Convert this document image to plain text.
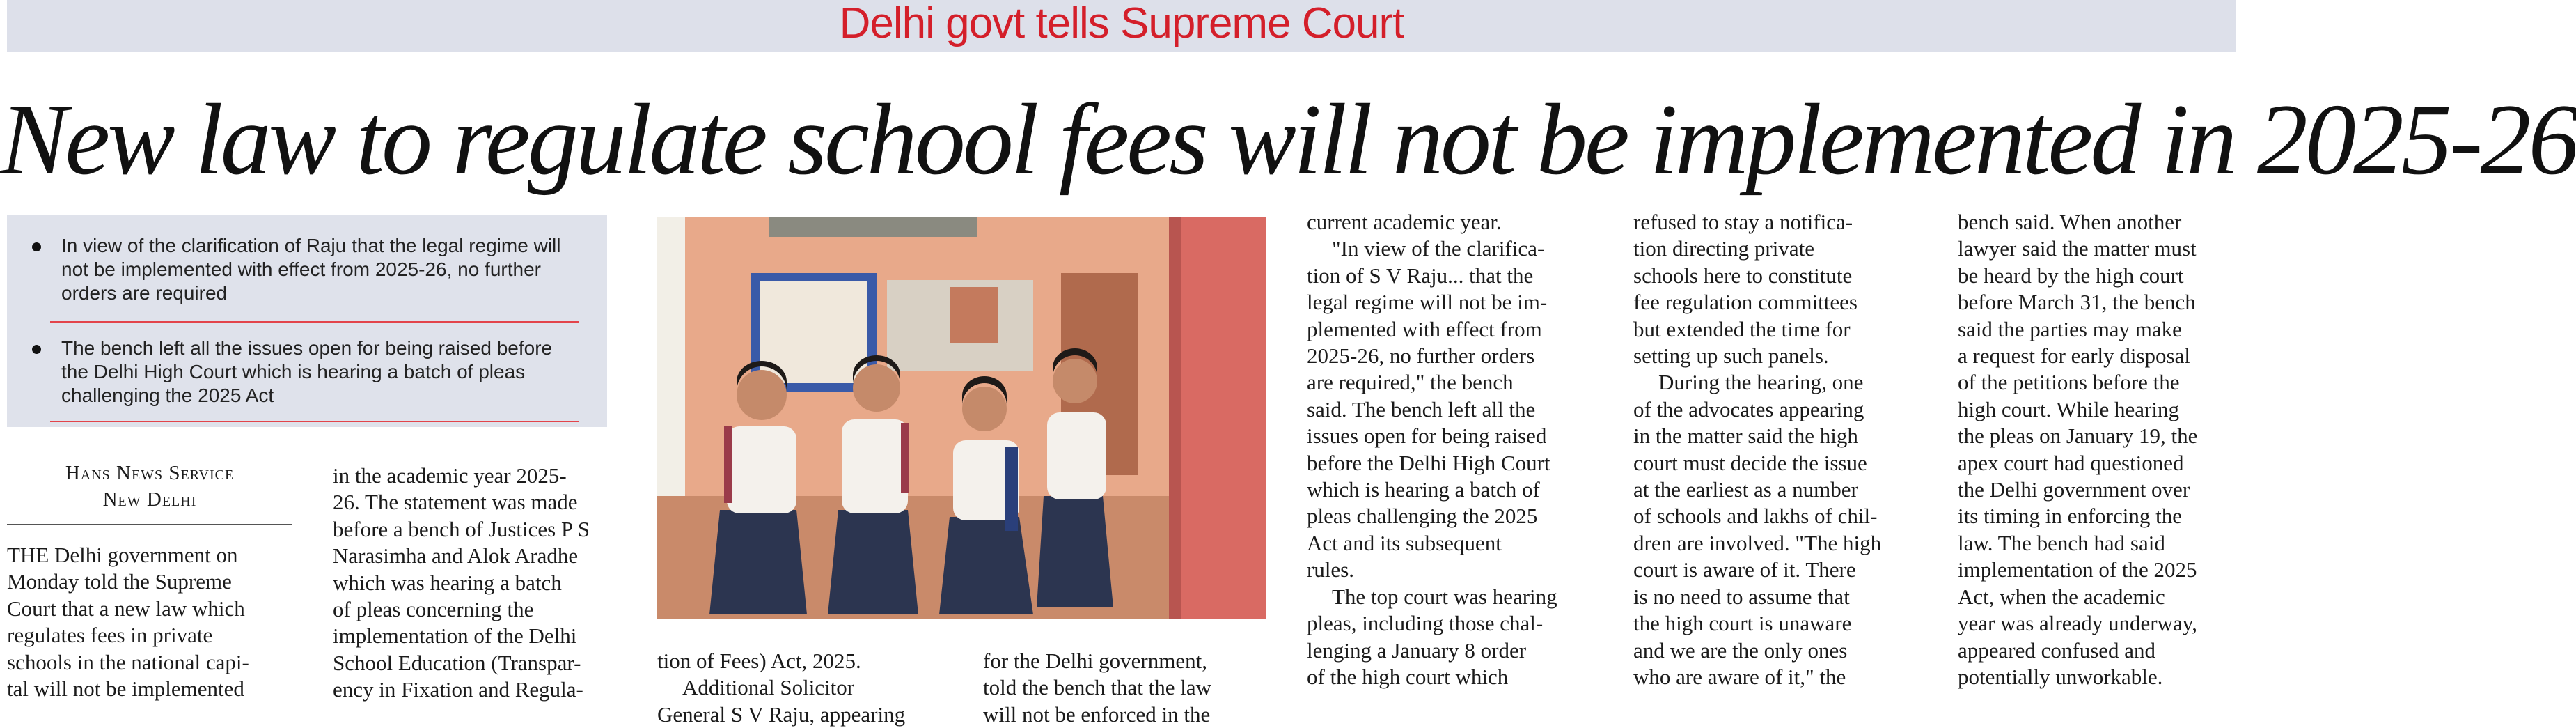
Delhi govt tells Supreme Court
New law to regulate school fees will not be implemented in 2025-26
In view of the clarification of Raju that the legal regime will not be implemented with effect from 2025-26, no further orders are required
The bench left all the issues open for being raised before the Delhi High Court which is hearing a batch of pleas challenging the 2025 Act
Hans News Service
New Delhi

THE Delhi government on

Monday told the Supreme

Court that a new law which

regulates fees in private

schools in the national capi-

tal will not be implemented

in the academic year 2025-

26. The statement was made

before a bench of Justices P S

Narasimha and Alok Aradhe

which was hearing a batch

of pleas concerning the

implementation of the Delhi

School Education (Transpar-

ency in Fixation and Regula-

tion of Fees) Act, 2025.

Additional Solicitor

General S V Raju, appearing

for the Delhi government,

told the bench that the law

will not be enforced in the

current academic year.

"In view of the clarifica-

tion of S V Raju... that the

legal regime will not be im-

plemented with effect from

2025-26, no further orders

are required," the bench

said. The bench left all the

issues open for being raised

before the Delhi High Court

which is hearing a batch of

pleas challenging the 2025

Act and its subsequent

rules.

The top court was hearing

pleas, including those chal-

lenging a January 8 order

of the high court which

refused to stay a notifica-

tion directing private

schools here to constitute

fee regulation committees

but extended the time for

setting up such panels.

During the hearing, one

of the advocates appearing

in the matter said the high

court must decide the issue

at the earliest as a number

of schools and lakhs of chil-

dren are involved. "The high

court is aware of it. There

is no need to assume that

the high court is unaware

and we are the only ones

who are aware of it," the

bench said. When another

lawyer said the matter must

be heard by the high court

before March 31, the bench

said the parties may make

a request for early disposal

of the petitions before the

high court. While hearing

the pleas on January 19, the

apex court had questioned

the Delhi government over

its timing in enforcing the

law. The bench had said

implementation of the 2025

Act, when the academic

year was already underway,

appeared confused and

potentially unworkable.
